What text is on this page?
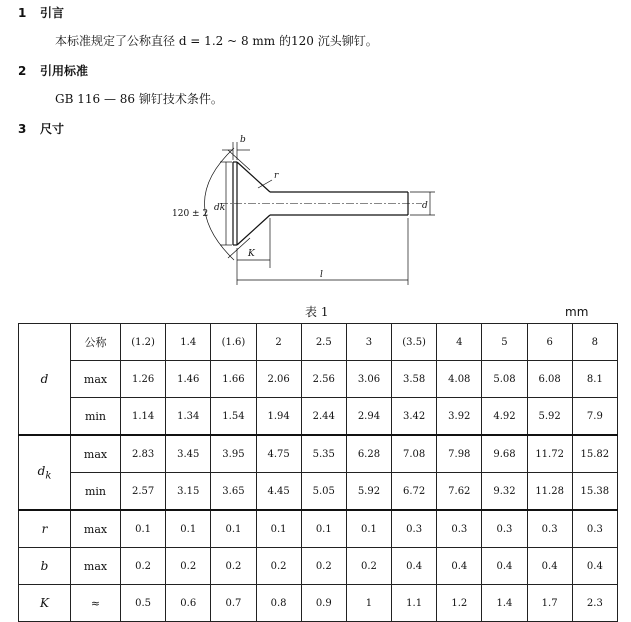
1 引言
本标准规定了公称直径 d = 1.2 ~ 8 mm 的120 沉头铆钉。
2 引用标准
GB 116 — 86 铆钉技术条件。
3 尺寸
120 ± 2
b
r
dk	d
K
l
表 1	mm
d	公称	(1.2)	1.4	(1.6)	2	2.5	3	(3.5)	4	5	6	8
	max	1.26	1.46	1.66	2.06	2.56	3.06	3.58	4.08	5.08	6.08	8.1
	min	1.14	1.34	1.54	1.94	2.44	2.94	3.42	3.92	4.92	5.92	7.9
$d_k$	max	2.83	3.45	3.95	4.75	5.35	6.28	7.08	7.98	9.68	11.72	15.82
	min	2.57	3.15	3.65	4.45	5.05	5.92	6.72	7.62	9.32	11.28	15.38
r	max	0.1	0.1	0.1	0.1	0.1	0.1	0.3	0.3	0.3	0.3	0.3
b	max	0.2	0.2	0.2	0.2	0.2	0.2	0.4	0.4	0.4	0.4	0.4
K	≈	0.5	0.6	0.7	0.8	0.9	1	1.1	1.2	1.4	1.7	2.3
